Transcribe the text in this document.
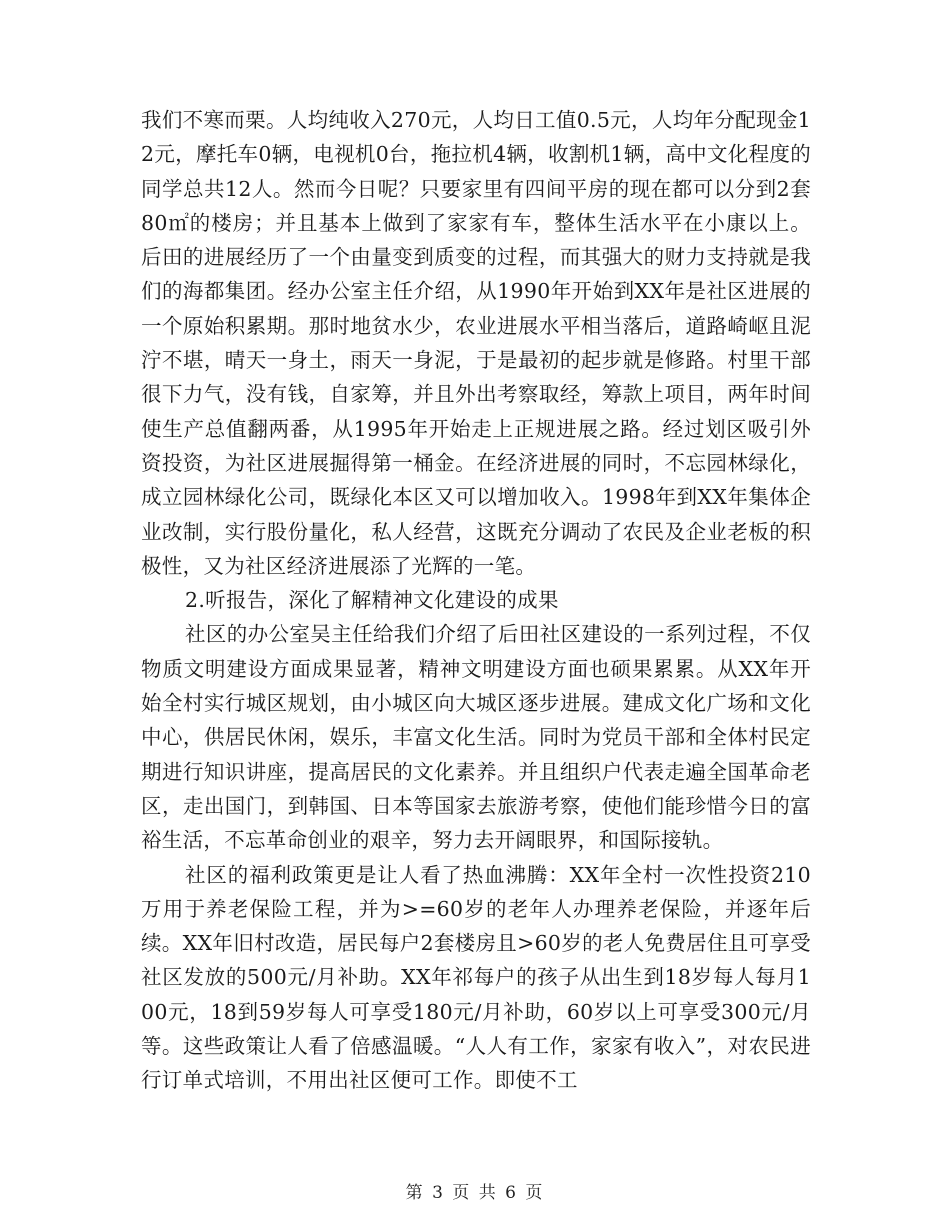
我们不寒而栗。人均纯收入270元，人均日工值0.5元，人均年分配现金12元，摩托车0辆，电视机0台，拖拉机4辆，收割机1辆，高中文化程度的同学总共12人。然而今日呢？只要家里有四间平房的现在都可以分到2套80㎡的楼房；并且基本上做到了家家有车，整体生活水平在小康以上。后田的进展经历了一个由量变到质变的过程，而其强大的财力支持就是我们的海都集团。经办公室主任介绍，从1990年开始到XX年是社区进展的一个原始积累期。那时地贫水少，农业进展水平相当落后，道路崎岖且泥泞不堪，晴天一身土，雨天一身泥，于是最初的起步就是修路。村里干部很下力气，没有钱，自家筹，并且外出考察取经，筹款上项目，两年时间使生产总值翻两番，从1995年开始走上正规进展之路。经过划区吸引外资投资，为社区进展掘得第一桶金。在经济进展的同时，不忘园林绿化，成立园林绿化公司，既绿化本区又可以增加收入。1998年到XX年集体企业改制，实行股份量化，私人经营，这既充分调动了农民及企业老板的积极性，又为社区经济进展添了光辉的一笔。

2.听报告，深化了解精神文化建设的成果

社区的办公室吴主任给我们介绍了后田社区建设的一系列过程，不仅物质文明建设方面成果显著，精神文明建设方面也硕果累累。从XX年开始全村实行城区规划，由小城区向大城区逐步进展。建成文化广场和文化中心，供居民休闲，娱乐，丰富文化生活。同时为党员干部和全体村民定期进行知识讲座，提高居民的文化素养。并且组织户代表走遍全国革命老区，走出国门，到韩国、日本等国家去旅游考察，使他们能珍惜今日的富裕生活，不忘革命创业的艰辛，努力去开阔眼界，和国际接轨。

社区的福利政策更是让人看了热血沸腾：XX年全村一次性投资210万用于养老保险工程，并为>=60岁的老年人办理养老保险，并逐年后续。XX年旧村改造，居民每户2套楼房且>60岁的老人免费居住且可享受社区发放的500元/月补助。XX年祁每户的孩子从出生到18岁每人每月100元，18到59岁每人可享受180元/月补助，60岁以上可享受300元/月等。这些政策让人看了倍感温暖。“人人有工作，家家有收入”，对农民进行订单式培训，不用出社区便可工作。即使不工

第 3 页 共 6 页
